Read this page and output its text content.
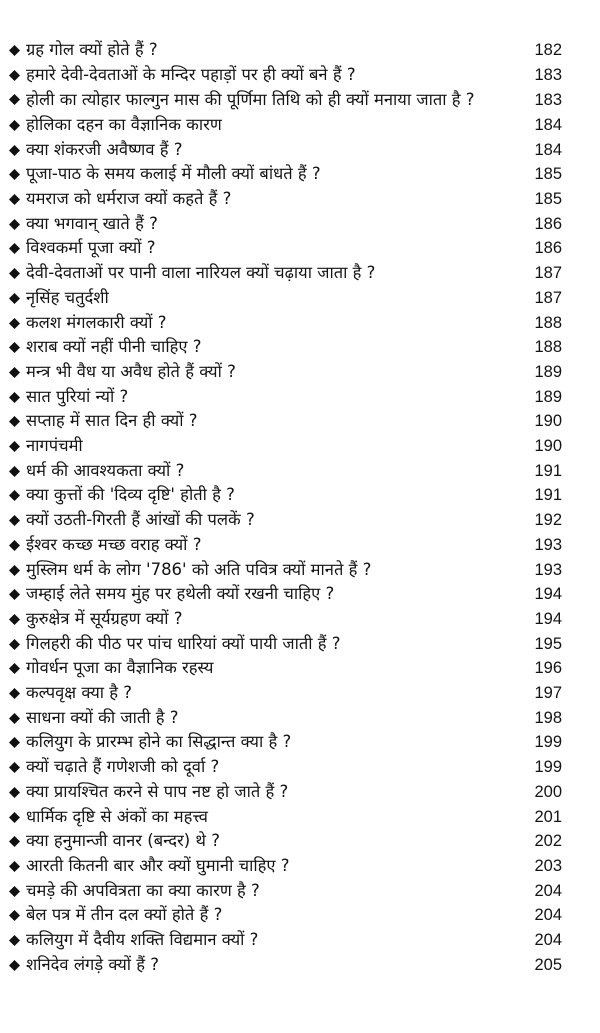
ग्रह गोल क्यों होते हैं ?	182
हमारे देवी-देवताओं के मन्दिर पहाड़ों पर ही क्यों बने हैं ?	183
होली का त्योहार फाल्गुन मास की पूर्णिमा तिथि को ही क्यों मनाया जाता है ?	183
होलिका दहन का वैज्ञानिक कारण	184
क्या शंकरजी अवैष्णव हैं ?	184
पूजा-पाठ के समय कलाई में मौली क्यों बांधते हैं ?	185
यमराज को धर्मराज क्यों कहते हैं ?	185
क्या भगवान् खाते हैं ?	186
विश्वकर्मा पूजा क्यों ?	186
देवी-देवताओं पर पानी वाला नारियल क्यों चढ़ाया जाता है ?	187
नृसिंह चतुर्दशी	187
कलश मंगलकारी क्यों ?	188
शराब क्यों नहीं पीनी चाहिए ?	188
मन्त्र भी वैध या अवैध होते हैं क्यों ?	189
सात पुरियां न्यों ?	189
सप्ताह में सात दिन ही क्यों ?	190
नागपंचमी	190
धर्म की आवश्यकता क्यों ?	191
क्या कुत्तों की 'दिव्य दृष्टि' होती है ?	191
क्यों उठती-गिरती हैं आंखों की पलकें ?	192
ईश्वर कच्छ मच्छ वराह क्यों ?	193
मुस्लिम धर्म के लोग '786' को अति पवित्र क्यों मानते हैं ?	193
जम्हाई लेते समय मुंह पर हथेली क्यों रखनी चाहिए ?	194
कुरुक्षेत्र में सूर्यग्रहण क्यों ?	194
गिलहरी की पीठ पर पांच धारियां क्यों पायी जाती हैं ?	195
गोवर्धन पूजा का वैज्ञानिक रहस्य	196
कल्पवृक्ष क्या है ?	197
साधना क्यों की जाती है ?	198
कलियुग के प्रारम्भ होने का सिद्धान्त क्या है ?	199
क्यों चढ़ाते हैं गणेशजी को दूर्वा ?	199
क्या प्रायश्चित करने से पाप नष्ट हो जाते हैं ?	200
धार्मिक दृष्टि से अंकों का महत्त्व	201
क्या हनुमान्जी वानर (बन्दर) थे ?	202
आरती कितनी बार और क्यों घुमानी चाहिए ?	203
चमड़े की अपवित्रता का क्या कारण है ?	204
बेल पत्र में तीन दल क्यों होते हैं ?	204
कलियुग में दैवीय शक्ति विद्यमान क्यों ?	204
शनिदेव लंगड़े क्यों हैं ?	205
